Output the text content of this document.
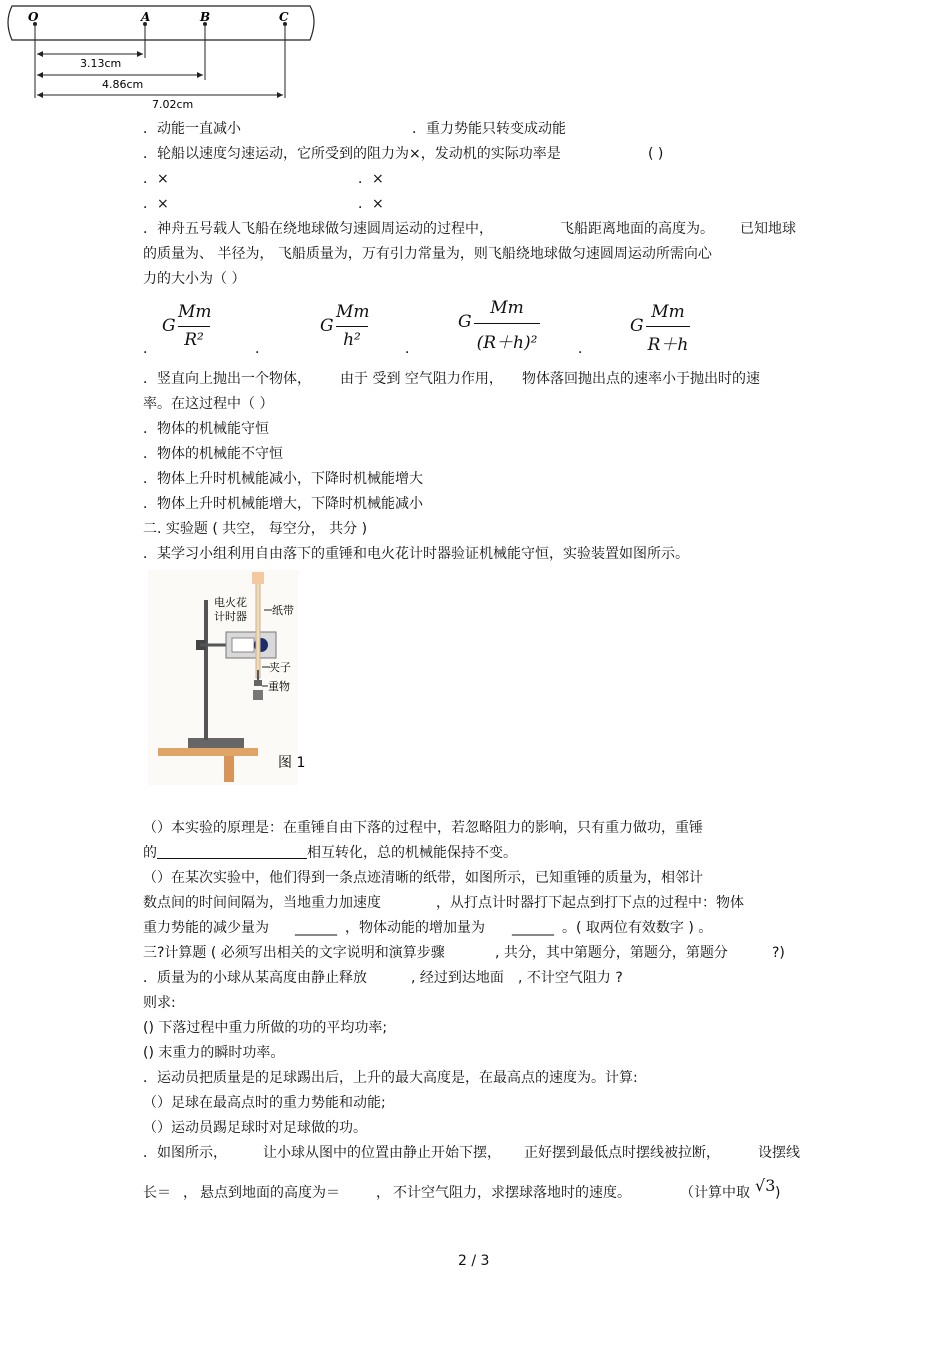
O	A	B	C
3.13cm
4.86cm
7.02cm
．动能一直减小	．重力势能只转变成动能
．轮船以速度匀速运动，它所受到的阻力为×，发动机的实际功率是	( )
．×	．×
．×	．×
．神舟五号载人飞船在绕地球做匀速圆周运动的过程中，	飞船距离地面的高度为。 已知地球
的质量为、 半径为， 飞船质量为，万有引力常量为，则飞船绕地球做匀速圆周运动所需向心
力的大小为（ ）
．
G
Mm
R²	．
G
Mm
h²	．
G
Mm
(R＋h)²	．
G
Mm
R＋h
．竖直向上抛出一个物体， 由于 受到 空气阻力作用， 物体落回抛出点的速率小于抛出时的速
率。在这过程中（ ）
．物体的机械能守恒
．物体的机械能不守恒
．物体上升时机械能减小，下降时机械能增大
．物体上升时机械能增大，下降时机械能减小
二. 实验题 ( 共空， 每空分， 共分 )
．某学习小组利用自由落下的重锤和电火花计时器验证机械能守恒，实验装置如图所示。
电火花
计时器 纸带
夹子
重物
图 1
（）本实验的原理是：在重锤自由下落的过程中，若忽略阻力的影响，只有重力做功，重锤
的	相互转化，总的机械能保持不变。
（）在某次实验中，他们得到一条点迹清晰的纸带，如图所示，已知重锤的质量为，相邻计
数点间的时间间隔为，当地重力加速度	，从打点计时器打下起点到打下点的过程中：物体
重力势能的减少量为 ______ ，物体动能的增加量为 ______ 。( 取两位有效数字 ) 。
三?计算题 ( 必须写出相关的文字说明和演算步骤	, 共分，其中第题分，第题分，第题分	?)
．质量为的小球从某高度由静止释放	, 经过到达地面 , 不计空气阻力 ?
则求:
() 下落过程中重力所做的功的平均功率;
() 末重力的瞬时功率。
．运动员把质量是的足球踢出后，上升的最大高度是，在最高点的速度为。计算:
（）足球在最高点时的重力势能和动能;
（）运动员踢足球时对足球做的功。
．如图所示，	让小球从图中的位置由静止开始下摆， 正好摆到最低点时摆线被拉断，	设摆线
长＝ ， 悬点到地面的高度为＝	， 不计空气阻力，求摆球落地时的速度。	（计算中取 √3 )
2 / 3
